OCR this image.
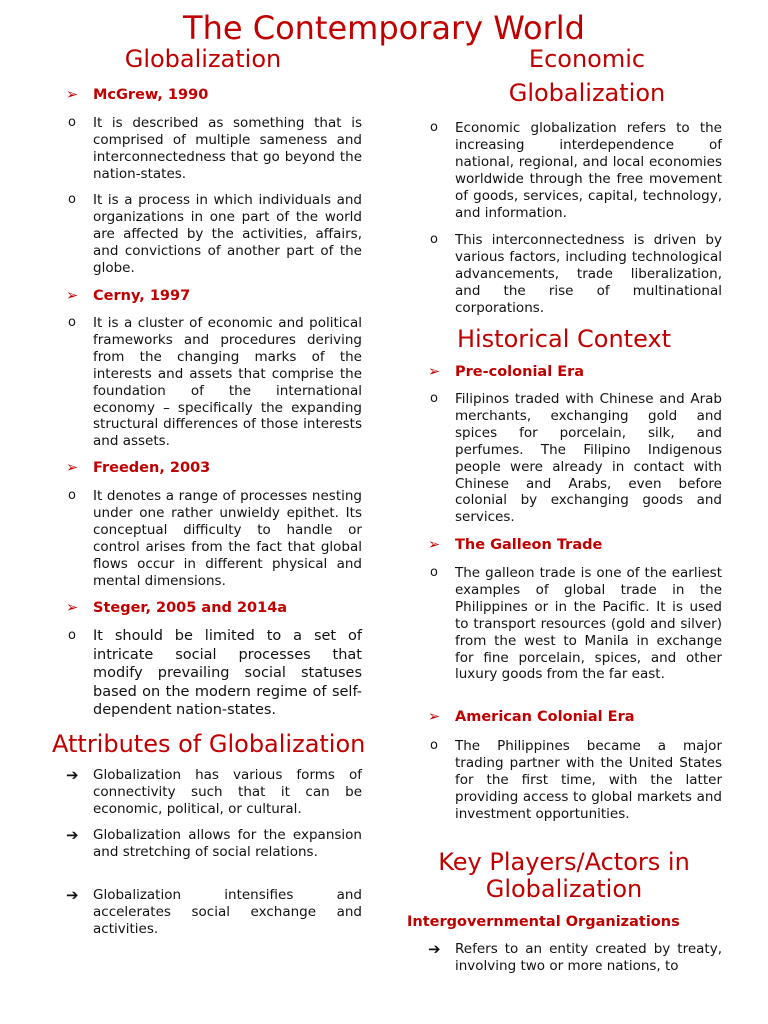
The Contemporary World
Globalization
➢ McGrew, 1990
o It is described as something that is comprised of multiple sameness and interconnectedness that go beyond the nation-states.
o It is a process in which individuals and organizations in one part of the world are affected by the activities, affairs, and convictions of another part of the globe.
➢ Cerny, 1997
o It is a cluster of economic and political frameworks and procedures deriving from the changing marks of the interests and assets that comprise the foundation of the international economy – specifically the expanding structural differences of those interests and assets.
➢ Freeden, 2003
o It denotes a range of processes nesting under one rather unwieldy epithet. Its conceptual difficulty to handle or control arises from the fact that global flows occur in different physical and mental dimensions.
➢ Steger, 2005 and 2014a
o It should be limited to a set of intricate social processes that modify prevailing social statuses based on the modern regime of self-dependent nation-states.
Attributes of Globalization
➔ Globalization has various forms of connectivity such that it can be economic, political, or cultural.
➔ Globalization allows for the expansion and stretching of social relations.
➔ Globalization intensifies and accelerates social exchange and activities.
Economic
Globalization
o Economic globalization refers to the increasing interdependence of national, regional, and local economies worldwide through the free movement of goods, services, capital, technology, and information.
o This interconnectedness is driven by various factors, including technological advancements, trade liberalization, and the rise of multinational corporations.
Historical Context
➢ Pre-colonial Era
o Filipinos traded with Chinese and Arab merchants, exchanging gold and spices for porcelain, silk, and perfumes. The Filipino Indigenous people were already in contact with Chinese and Arabs, even before colonial by exchanging goods and services.
➢ The Galleon Trade
o The galleon trade is one of the earliest examples of global trade in the Philippines or in the Pacific. It is used to transport resources (gold and silver) from the west to Manila in exchange for fine porcelain, spices, and other luxury goods from the far east.
➢ American Colonial Era
o The Philippines became a major trading partner with the United States for the first time, with the latter providing access to global markets and investment opportunities.
Key Players/Actors in
Globalization
Intergovernmental Organizations
➔ Refers to an entity created by treaty, involving two or more nations, to
